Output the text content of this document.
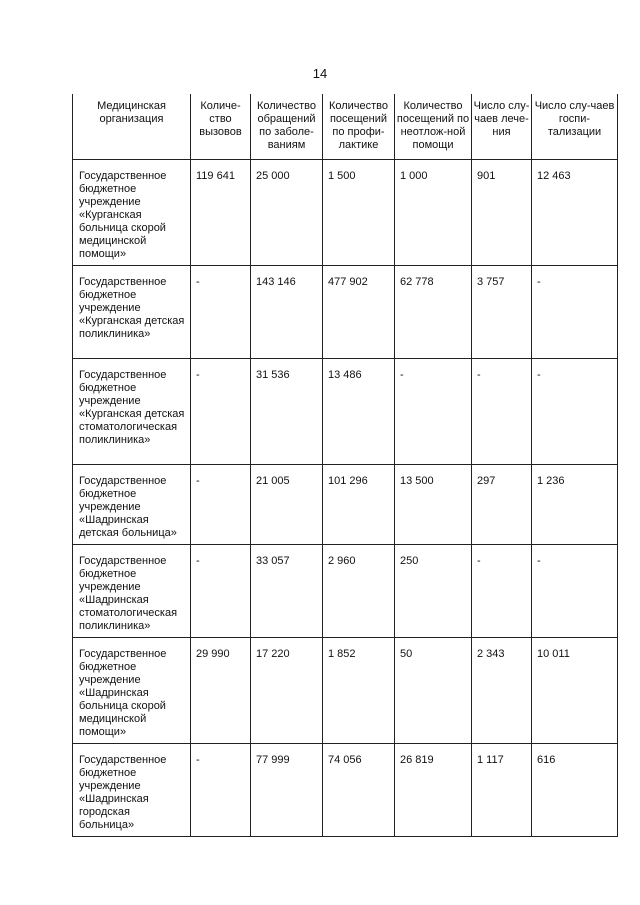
14
Медицинская организация	Количе-ство вызовов	Количество обращений по заболе-ваниям	Количество посещений по профи-лактике	Количество посещений по неотлож-ной помощи	Число слу-чаев лече-ния	Число слу-чаев госпи-тализации
Государственное бюджетное учреждение «Курганская больница скорой медицинской помощи»	119 641	25 000	1 500	1 000	901	12 463
Государственное бюджетное учреждение «Курганская детская поликлиника»	-	143 146	477 902	62 778	3 757	-
Государственное бюджетное учреждение «Курганская детская стоматологическая поликлиника»	-	31 536	13 486	-	-	-
Государственное бюджетное учреждение «Шадринская детская больница»	-	21 005	101 296	13 500	297	1 236
Государственное бюджетное учреждение «Шадринская стоматологическая поликлиника»	-	33 057	2 960	250	-	-
Государственное бюджетное учреждение «Шадринская больница скорой медицинской помощи»	29 990	17 220	1 852	50	2 343	10 011
Государственное бюджетное учреждение «Шадринская городская больница»	-	77 999	74 056	26 819	1 117	616
